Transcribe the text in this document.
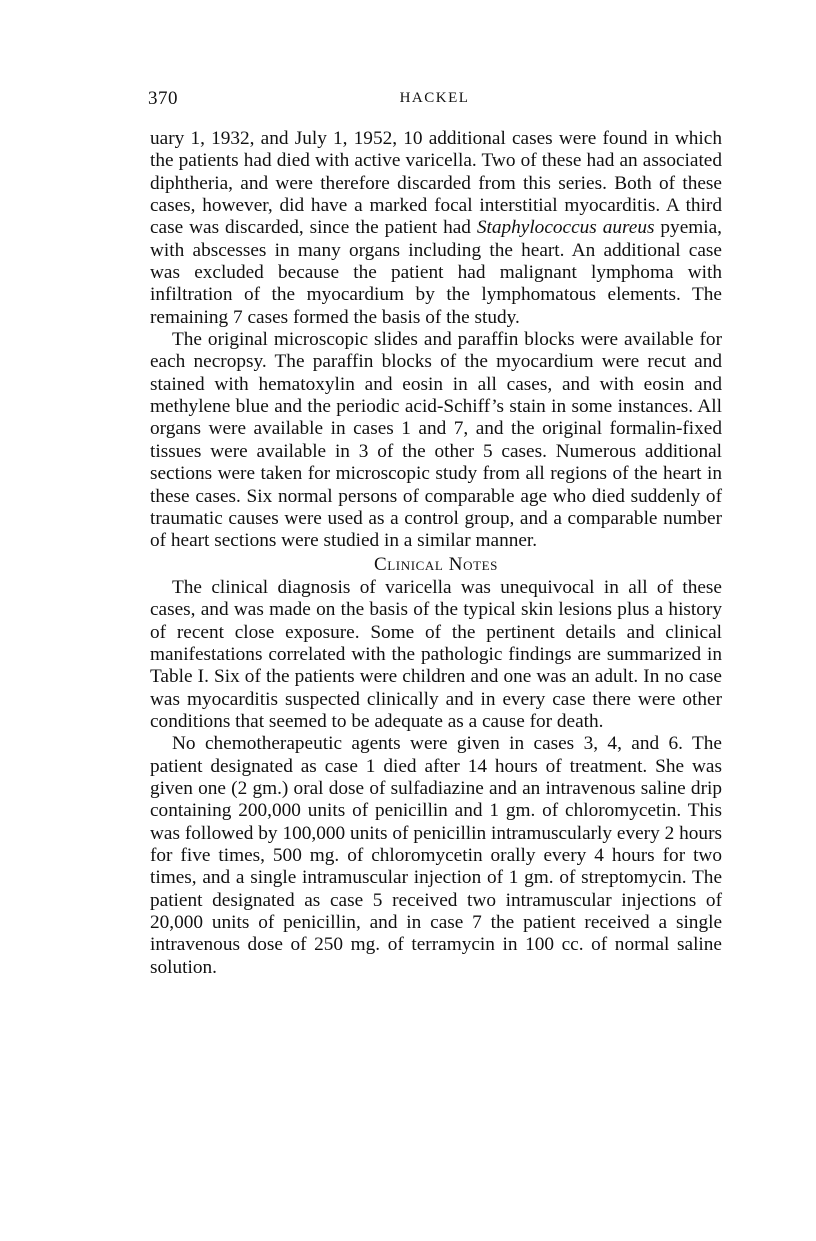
370	HACKEL

uary 1, 1932, and July 1, 1952, 10 additional cases were found in which the patients had died with active varicella. Two of these had an associated diphtheria, and were therefore discarded from this series. Both of these cases, however, did have a marked focal interstitial myocarditis. A third case was discarded, since the patient had Staphylococcus aureus pyemia, with abscesses in many organs including the heart. An additional case was excluded because the patient had malignant lymphoma with infiltration of the myocardium by the lymphomatous elements. The remaining 7 cases formed the basis of the study.

The original microscopic slides and paraffin blocks were available for each necropsy. The paraffin blocks of the myocardium were recut and stained with hematoxylin and eosin in all cases, and with eosin and methylene blue and the periodic acid-Schiff’s stain in some instances. All organs were available in cases 1 and 7, and the original formalin-fixed tissues were available in 3 of the other 5 cases. Numerous additional sections were taken for microscopic study from all regions of the heart in these cases. Six normal persons of comparable age who died suddenly of traumatic causes were used as a control group, and a comparable number of heart sections were studied in a similar manner.

Clinical Notes

The clinical diagnosis of varicella was unequivocal in all of these cases, and was made on the basis of the typical skin lesions plus a history of recent close exposure. Some of the pertinent details and clinical manifestations correlated with the pathologic findings are summarized in Table I. Six of the patients were children and one was an adult. In no case was myocarditis suspected clinically and in every case there were other conditions that seemed to be adequate as a cause for death.

No chemotherapeutic agents were given in cases 3, 4, and 6. The patient designated as case 1 died after 14 hours of treatment. She was given one (2 gm.) oral dose of sulfadiazine and an intravenous saline drip containing 200,000 units of penicillin and 1 gm. of chloromycetin. This was followed by 100,000 units of penicillin intramuscularly every 2 hours for five times, 500 mg. of chloromycetin orally every 4 hours for two times, and a single intramuscular injection of 1 gm. of streptomycin. The patient designated as case 5 received two intramuscular injections of 20,000 units of penicillin, and in case 7 the patient received a single intravenous dose of 250 mg. of terramycin in 100 cc. of normal saline solution.
